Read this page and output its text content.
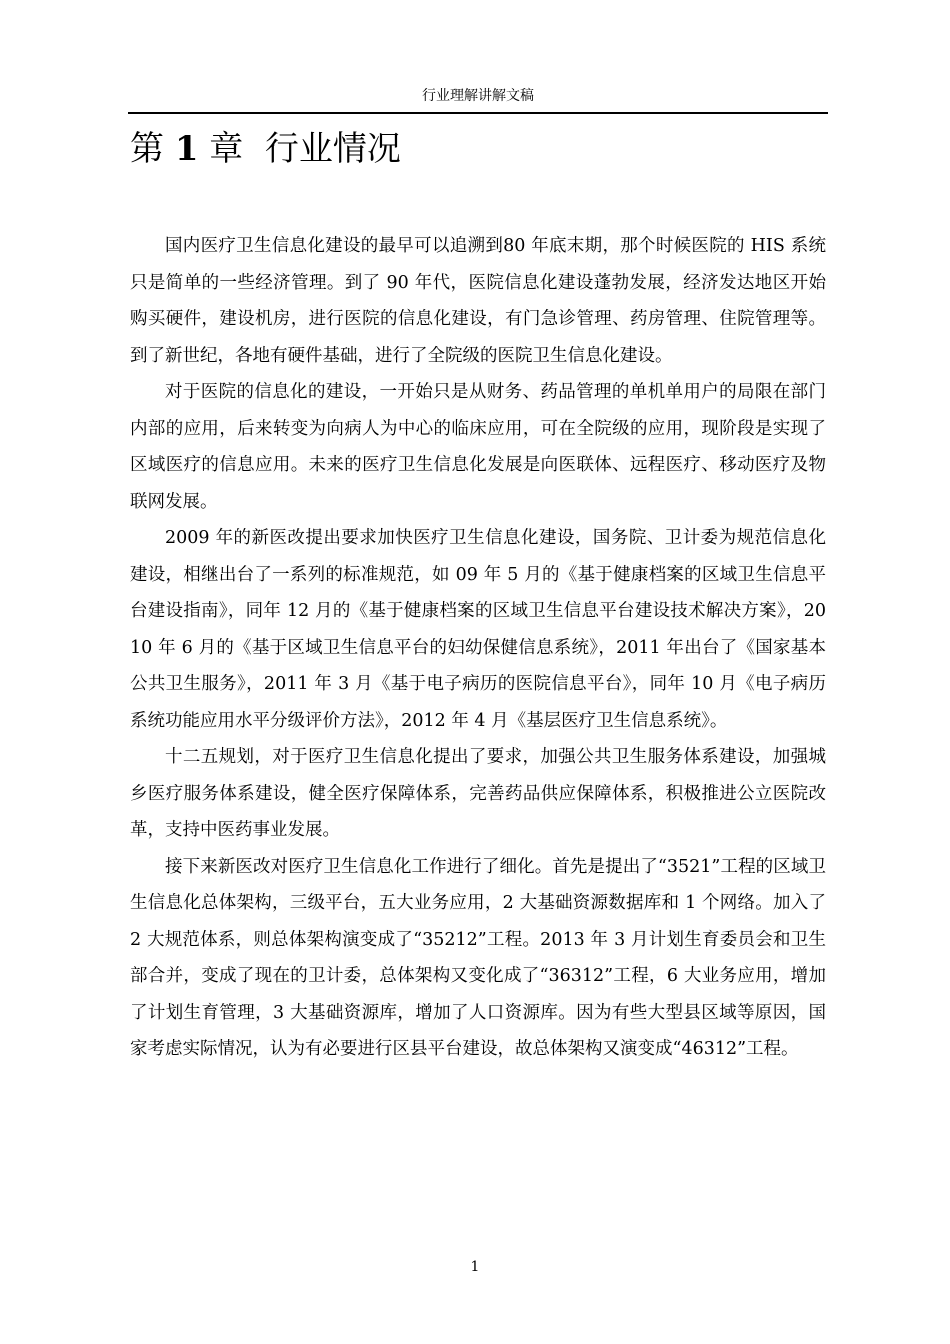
行业理解讲解文稿
第 1 章 行业情况

国内医疗卫生信息化建设的最早可以追溯到80 年底末期，那个时候医院的 HIS 系统只是简单的一些经济管理。到了 90 年代，医院信息化建设蓬勃发展，经济发达地区开始购买硬件，建设机房，进行医院的信息化建设，有门急诊管理、药房管理、住院管理等。到了新世纪，各地有硬件基础，进行了全院级的医院卫生信息化建设。

对于医院的信息化的建设，一开始只是从财务、药品管理的单机单用户的局限在部门内部的应用，后来转变为向病人为中心的临床应用，可在全院级的应用，现阶段是实现了区域医疗的信息应用。未来的医疗卫生信息化发展是向医联体、远程医疗、移动医疗及物联网发展。

2009 年的新医改提出要求加快医疗卫生信息化建设，国务院、卫计委为规范信息化建设，相继出台了一系列的标准规范，如 09 年 5 月的《基于健康档案的区域卫生信息平台建设指南》，同年 12 月的《基于健康档案的区域卫生信息平台建设技术解决方案》，2010 年 6 月的《基于区域卫生信息平台的妇幼保健信息系统》，2011 年出台了《国家基本公共卫生服务》，2011 年 3 月《基于电子病历的医院信息平台》，同年 10 月《电子病历系统功能应用水平分级评价方法》，2012 年 4 月《基层医疗卫生信息系统》。

十二五规划，对于医疗卫生信息化提出了要求，加强公共卫生服务体系建设，加强城乡医疗服务体系建设，健全医疗保障体系，完善药品供应保障体系，积极推进公立医院改革，支持中医药事业发展。

接下来新医改对医疗卫生信息化工作进行了细化。首先是提出了“3521”工程的区域卫生信息化总体架构，三级平台，五大业务应用，2 大基础资源数据库和 1 个网络。加入了 2 大规范体系，则总体架构演变成了“35212”工程。2013 年 3 月计划生育委员会和卫生部合并，变成了现在的卫计委，总体架构又变化成了“36312”工程，6 大业务应用，增加了计划生育管理，3 大基础资源库，增加了人口资源库。因为有些大型县区域等原因，国家考虑实际情况，认为有必要进行区县平台建设，故总体架构又演变成“46312”工程。

1
